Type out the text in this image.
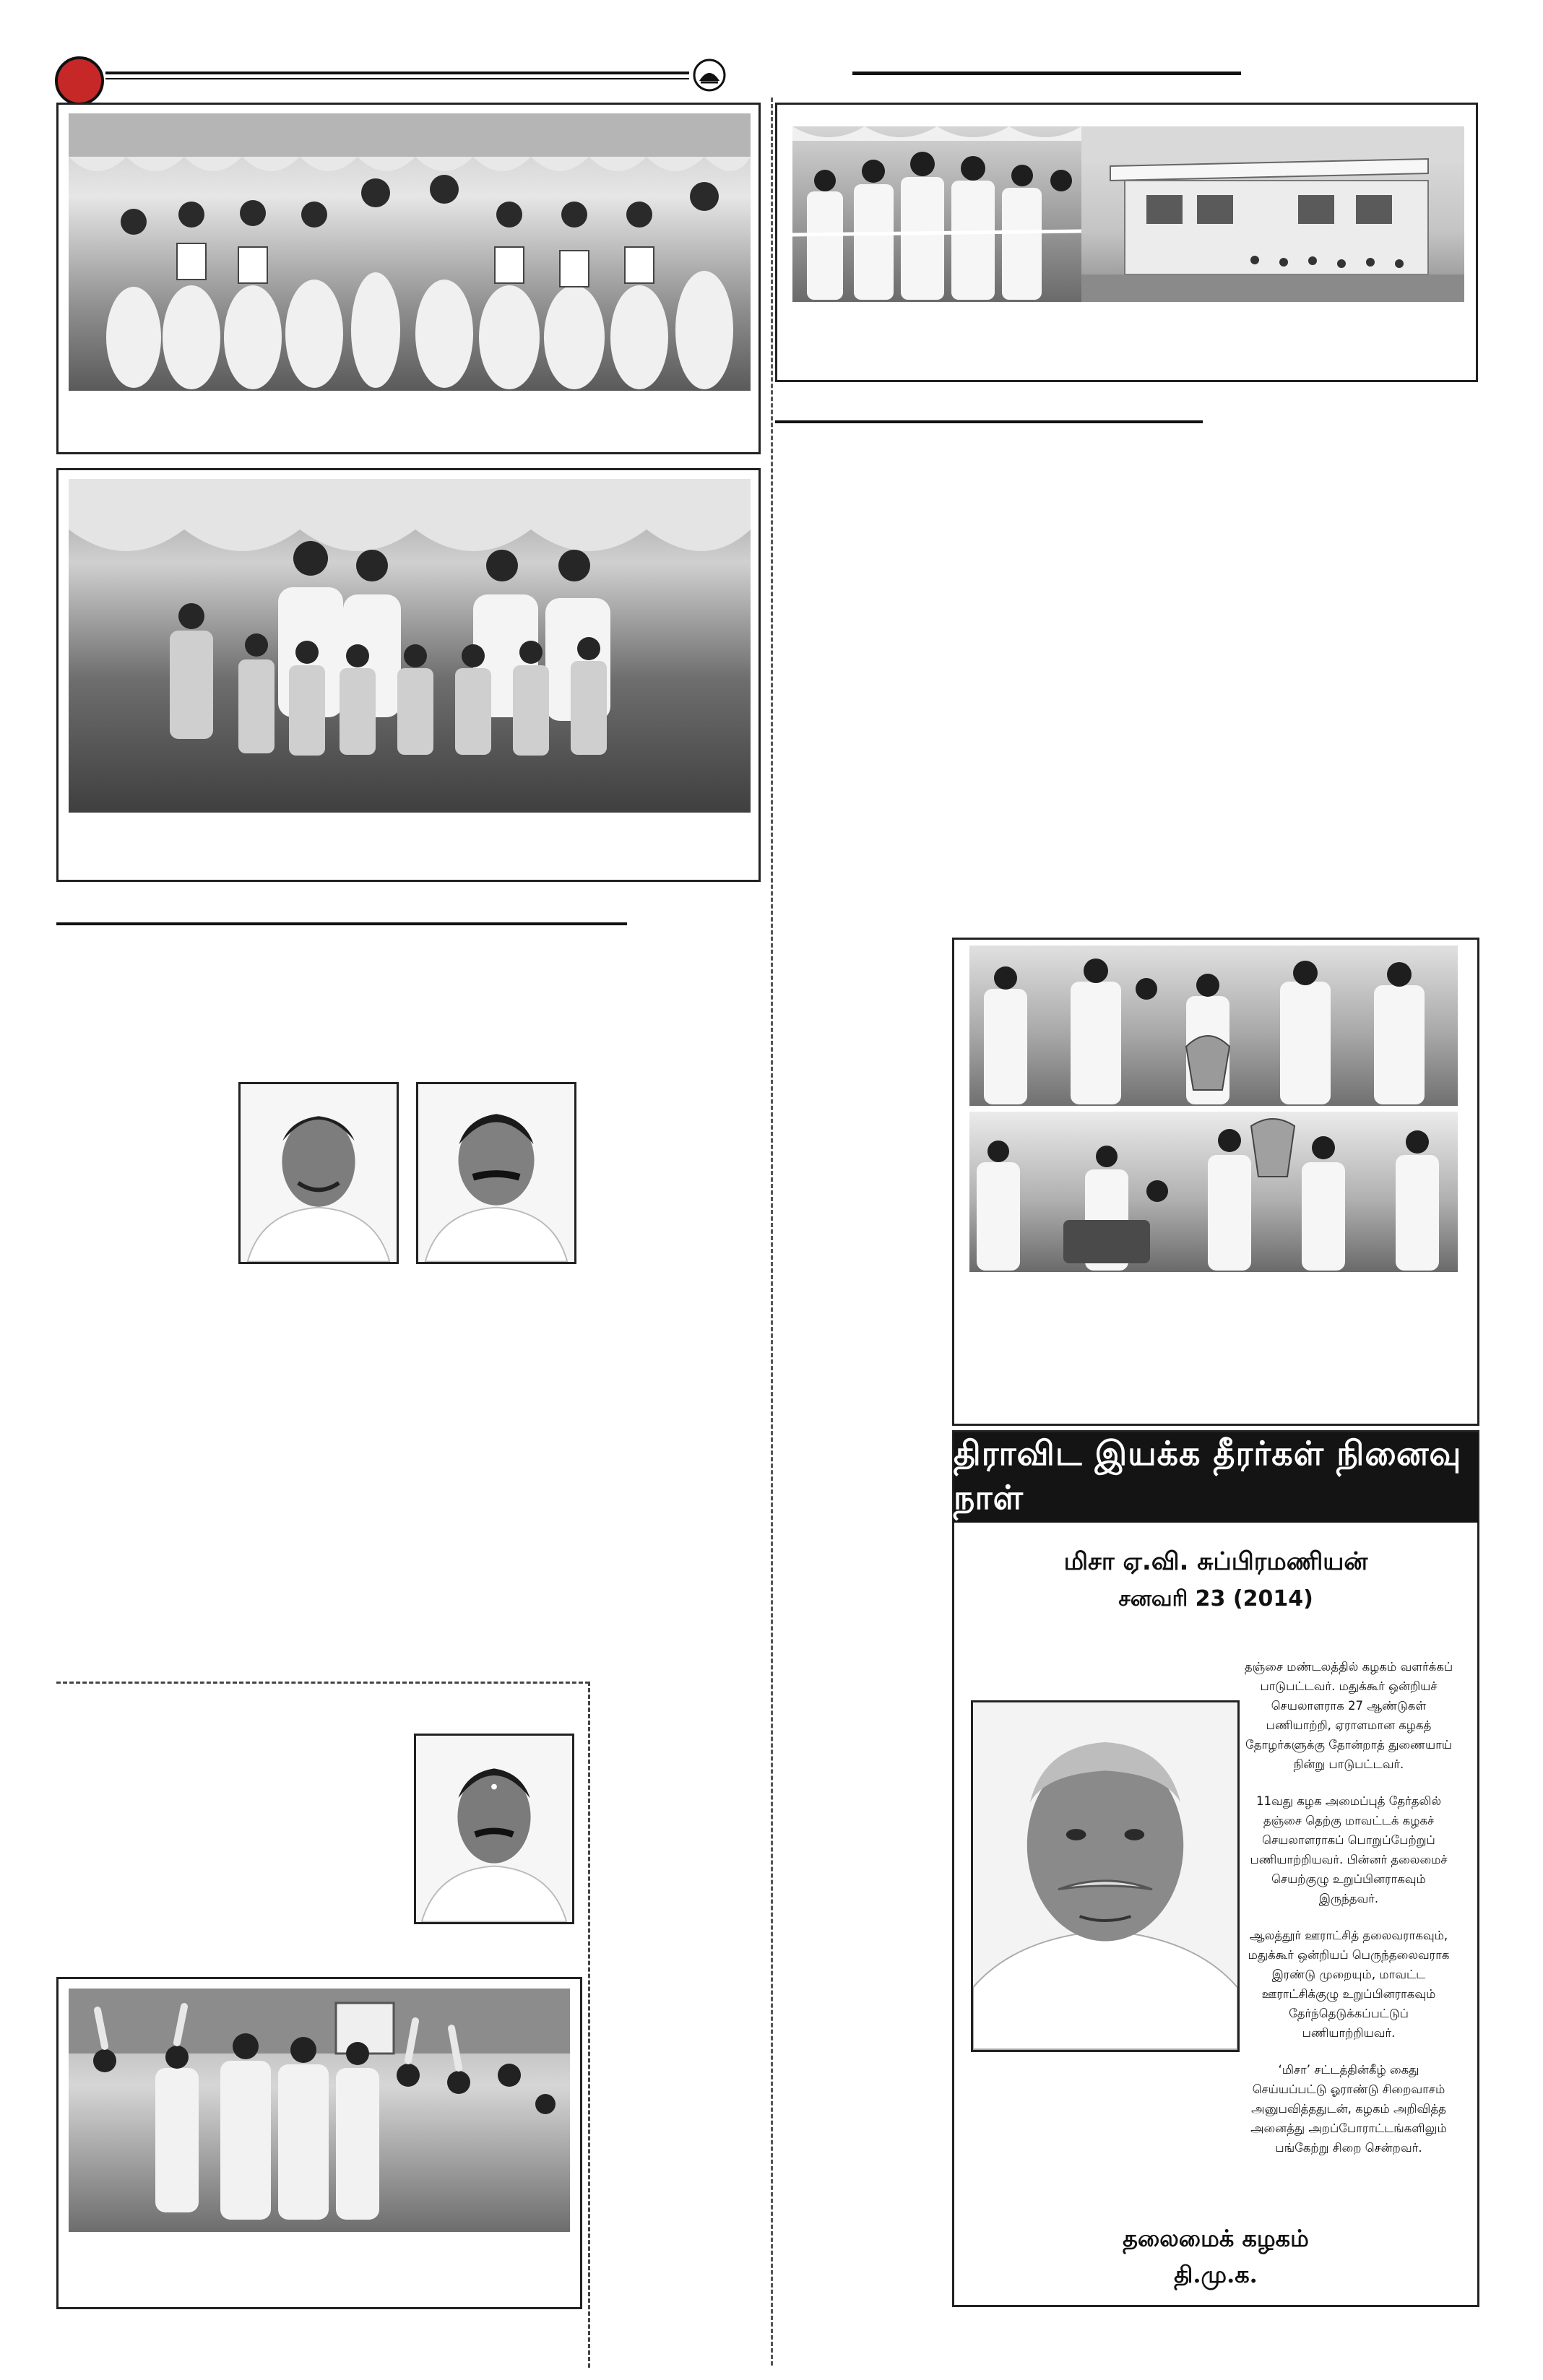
திராவிட இயக்க தீரர்கள் நினைவு நாள்
மிசா ஏ.வி. சுப்பிரமணியன்
சனவரி 23 (2014)

தஞ்சை மண்டலத்தில் கழகம் வளர்க்கப் பாடுபட்டவர். மதுக்கூர் ஒன்றியச் செயலாளராக 27 ஆண்டுகள் பணியாற்றி, ஏராளமான கழகத் தோழர்களுக்கு தோன்றாத் துணையாய் நின்று பாடுபட்டவர்.

11வது கழக அமைப்புத் தேர்தலில் தஞ்சை தெற்கு மாவட்டக் கழகச் செயலாளராகப் பொறுப்பேற்றுப் பணியாற்றியவர். பின்னர் தலைமைச் செயற்குழு உறுப்பினராகவும் இருந்தவர்.

ஆலத்தூர் ஊராட்சித் தலைவராகவும், மதுக்கூர் ஒன்றியப் பெருந்தலைவராக இரண்டு முறையும், மாவட்ட ஊராட்சிக்குழு உறுப்பினராகவும் தேர்ந்தெடுக்கப்பட்டுப் பணியாற்றியவர்.

‘மிசா’ சட்டத்தின்கீழ் கைது செய்யப்பட்டு ஓராண்டு சிறைவாசம் அனுபவித்ததுடன், கழகம் அறிவித்த அனைத்து அறப்போராட்டங்களிலும் பங்கேற்று சிறை சென்றவர்.

தலைமைக் கழகம்
தி.மு.க.
